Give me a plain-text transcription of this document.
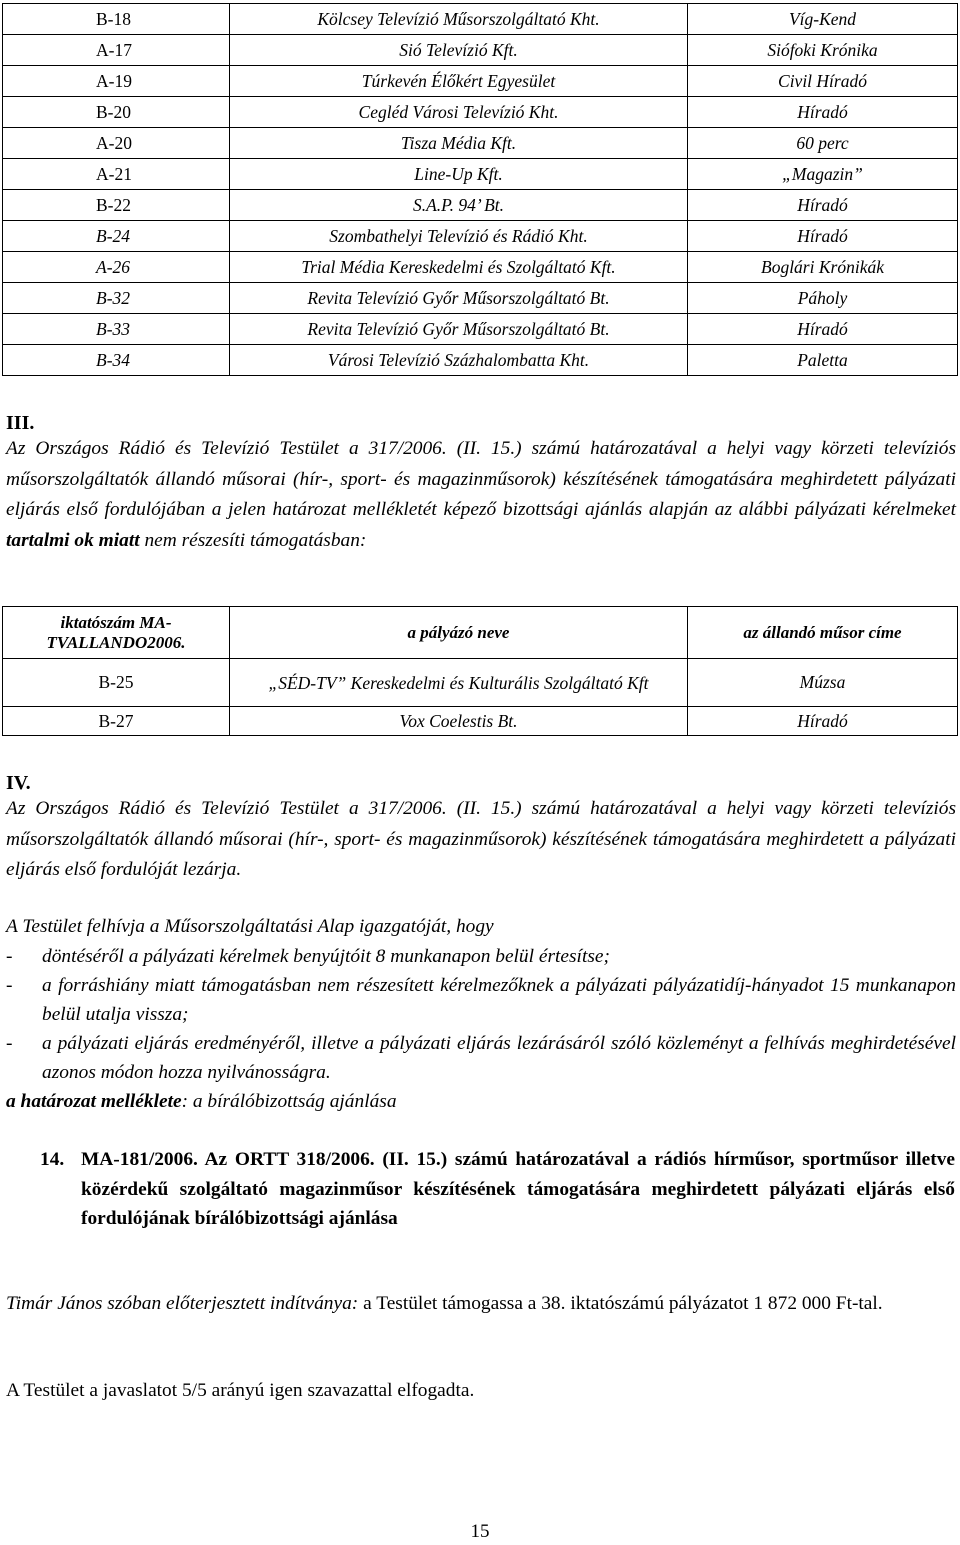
B-18	Kölcsey Televízió Műsorszolgáltató Kht.	Víg-Kend
A-17	Sió Televízió Kft.	Siófoki Krónika
A-19	Túrkevén Élőkért Egyesület	Civil Híradó
B-20	Cegléd Városi Televízió Kht.	Híradó
A-20	Tisza Média Kft.	60 perc
A-21	Line-Up Kft.	„Magazin”
B-22	S.A.P. 94’ Bt.	Híradó
B-24	Szombathelyi Televízió és Rádió Kht.	Híradó
A-26	Trial Média Kereskedelmi és Szolgáltató Kft.	Boglári Krónikák
B-32	Revita Televízió Győr Műsorszolgáltató Bt.	Páholy
B-33	Revita Televízió Győr Műsorszolgáltató Bt.	Híradó
B-34	Városi Televízió Százhalombatta Kht.	Paletta
III.

Az Országos Rádió és Televízió Testület a 317/2006. (II. 15.) számú határozatával a helyi vagy körzeti televíziós műsorszolgáltatók állandó műsorai (hír-, sport- és magazinműsorok) készítésének támogatására meghirdetett pályázati eljárás első fordulójában a jelen határozat mellékletét képező bizottsági ajánlás alapján az alábbi pályázati kérelmeket tartalmi ok miatt nem részesíti támogatásban:

iktatószám MA-TVALLANDO2006.	a pályázó neve	az állandó műsor címe
B-25	„SÉD-TV” Kereskedelmi és Kulturális Szolgáltató Kft	Múzsa
B-27	Vox Coelestis Bt.	Híradó
IV.

Az Országos Rádió és Televízió Testület a 317/2006. (II. 15.) számú határozatával a helyi vagy körzeti televíziós műsorszolgáltatók állandó műsorai (hír-, sport- és magazinműsorok) készítésének támogatására meghirdetett a pályázati eljárás első fordulóját lezárja.

A Testület felhívja a Műsorszolgáltatási Alap igazgatóját, hogy

-	döntéséről a pályázati kérelmek benyújtóit 8 munkanapon belül értesítse;
-	a forráshiány miatt támogatásban nem részesített kérelmezőknek a pályázati pályázatidíj-hányadot 15 munkanapon belül utalja vissza;
-	a pályázati eljárás eredményéről, illetve a pályázati eljárás lezárásáról szóló közleményt a felhívás meghirdetésével azonos módon hozza nyilvánosságra.

a határozat melléklete: a bírálóbizottság ajánlása

14. MA-181/2006. Az ORTT 318/2006. (II. 15.) számú határozatával a rádiós hírműsor, sportműsor illetve közérdekű szolgáltató magazinműsor készítésének támogatására meghirdetett pályázati eljárás első fordulójának bírálóbizottsági ajánlása

Timár János szóban előterjesztett indítványa: a Testület támogassa a 38. iktatószámú pályázatot 1 872 000 Ft-tal.

A Testület a javaslatot 5/5 arányú igen szavazattal elfogadta.

15
